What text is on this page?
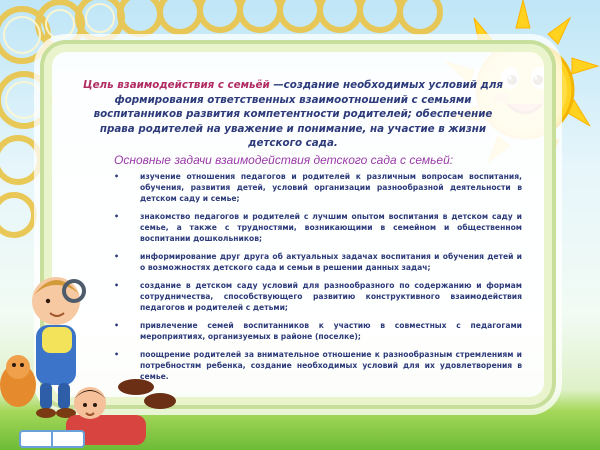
Цель взаимодействия с семьёй —создание необходимых условий для формирования ответственных взаимоотношений с семьями воспитанников развития компетентности родителей; обеспечение права родителей на уважение и понимание, на участие в жизни детского сада.
Основные задачи взаимодействия детского сада с семьей:
•	изучение отношения педагогов и родителей к различным вопросам воспитания, обучения, развития детей, условий организации разнообразной деятельности в детском саду и семье;
•	знакомство педагогов и родителей с лучшим опытом воспитания в детском саду и семье, а также с трудностями, возникающими в семейном и общественном воспитании дошкольников;
•	информирование друг друга об актуальных задачах воспитания и обучения детей и о возможностях детского сада и семьи в решении данных задач;
•	создание в детском саду условий для разнообразного по содержанию и формам сотрудничества, способствующего развитию конструктивного взаимодействия педагогов и родителей с детьми;
•	привлечение семей воспитанников к участию в совместных с педагогами мероприятиях, организуемых в районе (поселке);
•	поощрение родителей за внимательное отношение к разнообразным стремлениям и потребностям ребенка, создание необходимых условий для их удовлетворения в семье.
